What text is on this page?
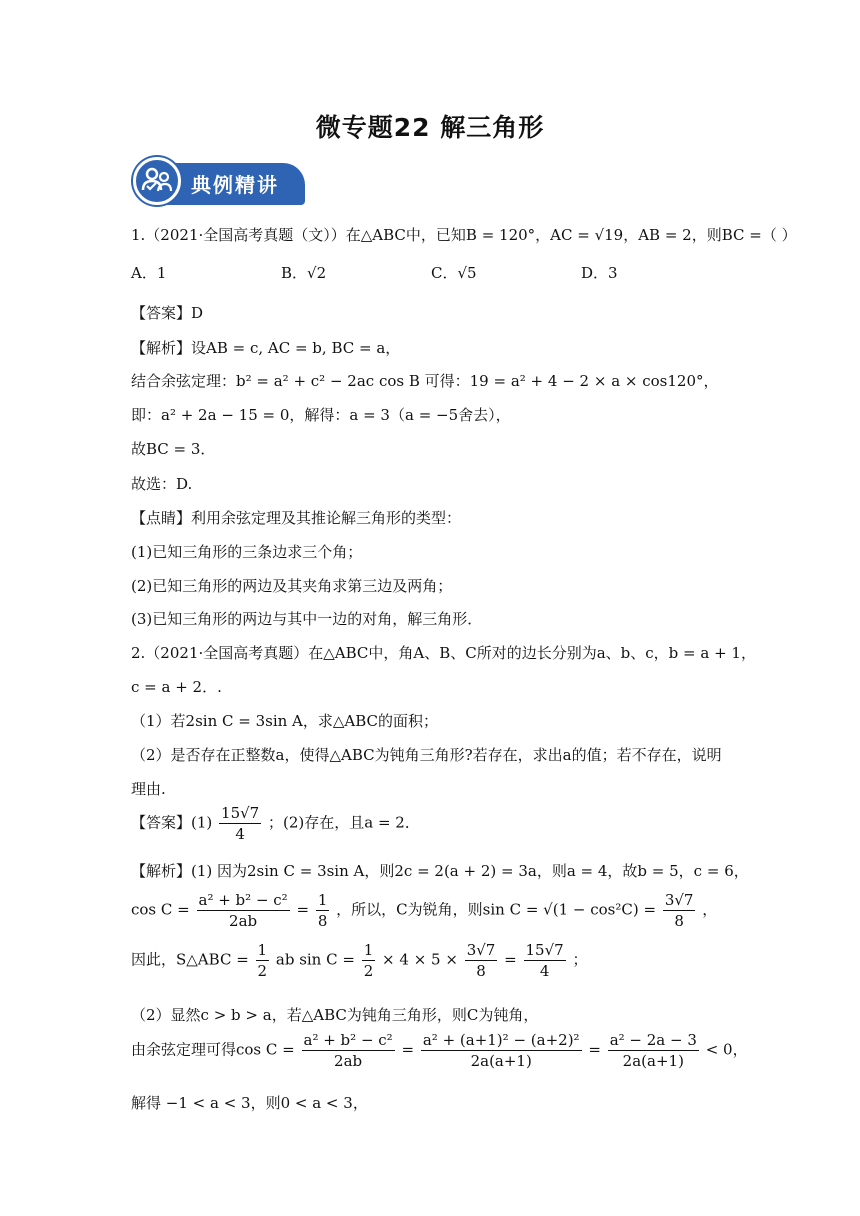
微专题22 解三角形
典例精讲
1.（2021·全国高考真题（文））在△ABC中，已知B = 120°，AC = √19，AB = 2，则BC =（ ）
A．1	B．√2	C．√5	D．3
【答案】D
【解析】设AB = c, AC = b, BC = a，
结合余弦定理：b² = a² + c² − 2ac cos B 可得：19 = a² + 4 − 2 × a × cos120°，
即：a² + 2a − 15 = 0，解得：a = 3（a = −5舍去），
故BC = 3．
故选：D.
【点睛】利用余弦定理及其推论解三角形的类型：
(1)已知三角形的三条边求三个角；
(2)已知三角形的两边及其夹角求第三边及两角；
(3)已知三角形的两边与其中一边的对角，解三角形．
2.（2021·全国高考真题）在△ABC中，角A、B、C所对的边长分别为a、b、c，b = a + 1，
c = a + 2．.
（1）若2sin C = 3sin A，求△ABC的面积；
（2）是否存在正整数a，使得△ABC为钝角三角形?若存在，求出a的值；若不存在，说明
理由.
【答案】$(1) \frac{15√7}{4}$ ；(2)存在，且a = 2．
【解析】(1) 因为2sin C = 3sin A，则2c = 2(a + 2) = 3a，则a = 4，故b = 5，c = 6，
$\cos C = \frac{\text{a² + b² − c²}}{2ab} = \frac{1}{8}$ ，所以，C为锐角，则$\sin C = √(1 - \cos^2C) = \frac{3√7}{8}$ ，
因此，S△ABC = $\frac{1}{2}$ ab $\sin C = \frac{1}{2} \times 4 \times 5 \times \frac{3√7}{8} = \frac{15√7}{4}$ ；
（2）显然c > b > a，若△ABC为钝角三角形，则C为钝角，
由余弦定理可得$\cos C = \frac{\text{a² + b² − c²}}{2ab} = \frac{\text{a² + (a+1)² − (a+2)²}}{2a(a+1)} = \frac{\text{a² − 2a − 3}}{2a(a+1)} < 0$，
解得 −1 < a < 3，则0 < a < 3，
